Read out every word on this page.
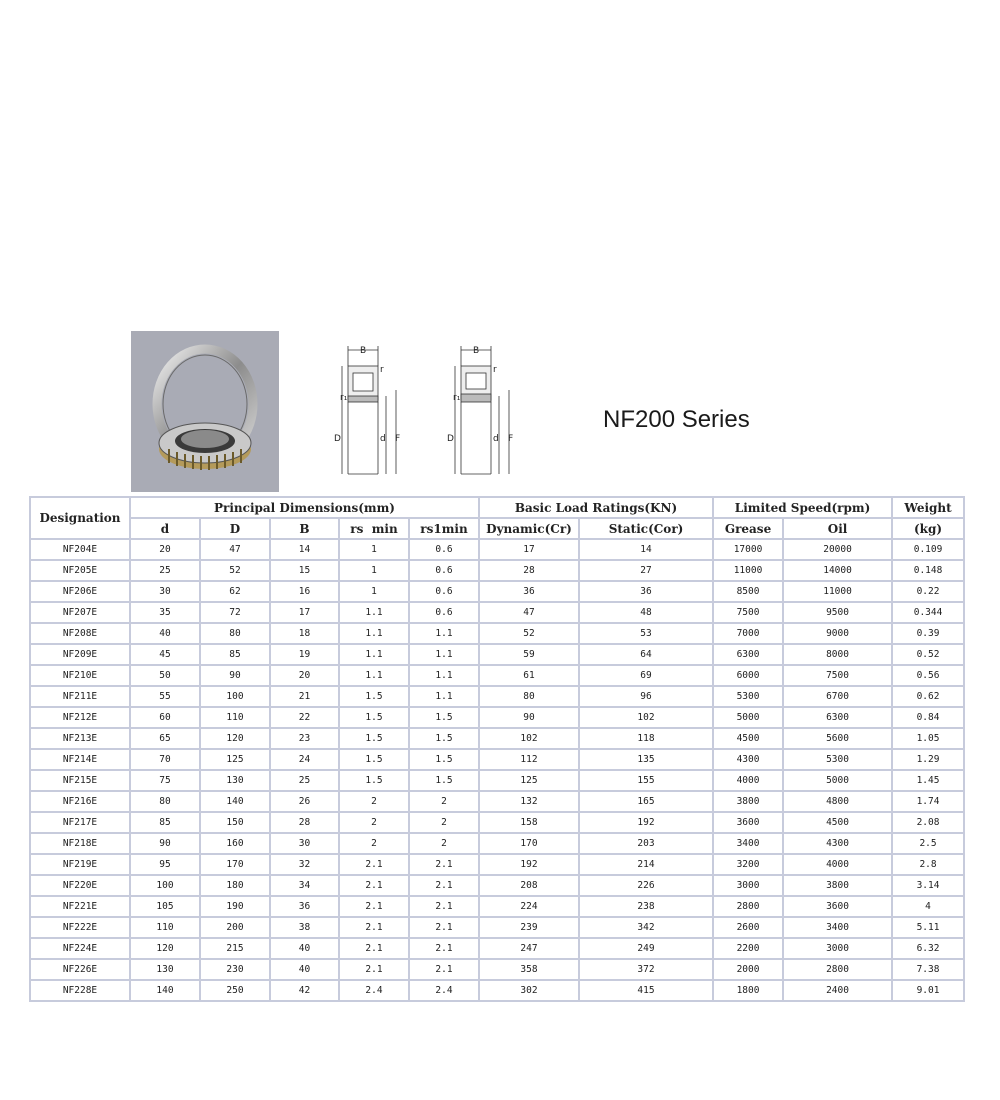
B
r
r₁
D	d F
B
r
r₁
D	d F
NF200 Series
Designation	Principal Dimensions(mm)					Basic Load Ratings(KN)		Limited Speed(rpm)		Weight
	d	D	B	rs  min	rs1min	Dynamic(Cr)	Static(Cor)	Grease	Oil	(kg)
NF204E	20	47	14	1	0.6	17	14	17000	20000	0.109
NF205E	25	52	15	1	0.6	28	27	11000	14000	0.148
NF206E	30	62	16	1	0.6	36	36	8500	11000	0.22
NF207E	35	72	17	1.1	0.6	47	48	7500	9500	0.344
NF208E	40	80	18	1.1	1.1	52	53	7000	9000	0.39
NF209E	45	85	19	1.1	1.1	59	64	6300	8000	0.52
NF210E	50	90	20	1.1	1.1	61	69	6000	7500	0.56
NF211E	55	100	21	1.5	1.1	80	96	5300	6700	0.62
NF212E	60	110	22	1.5	1.5	90	102	5000	6300	0.84
NF213E	65	120	23	1.5	1.5	102	118	4500	5600	1.05
NF214E	70	125	24	1.5	1.5	112	135	4300	5300	1.29
NF215E	75	130	25	1.5	1.5	125	155	4000	5000	1.45
NF216E	80	140	26	2	2	132	165	3800	4800	1.74
NF217E	85	150	28	2	2	158	192	3600	4500	2.08
NF218E	90	160	30	2	2	170	203	3400	4300	2.5
NF219E	95	170	32	2.1	2.1	192	214	3200	4000	2.8
NF220E	100	180	34	2.1	2.1	208	226	3000	3800	3.14
NF221E	105	190	36	2.1	2.1	224	238	2800	3600	4
NF222E	110	200	38	2.1	2.1	239	342	2600	3400	5.11
NF224E	120	215	40	2.1	2.1	247	249	2200	3000	6.32
NF226E	130	230	40	2.1	2.1	358	372	2000	2800	7.38
NF228E	140	250	42	2.4	2.4	302	415	1800	2400	9.01
